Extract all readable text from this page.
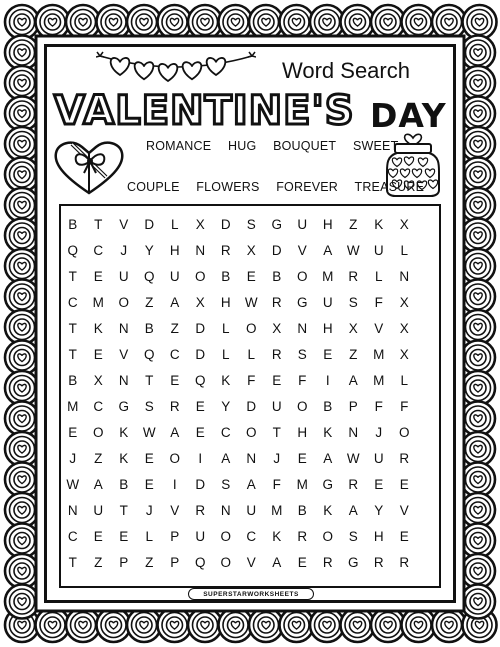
Word Search
VALENTINE'S DAY
ROMANCE HUG BOUQUET SWEET
COUPLE FLOWERS FOREVER TREASURE
B	T	V	D	L	X	D	S	G	U	H	Z	K	X
Q	C	J	Y	H	N	R	X	D	V	A	W	U	L
T	E	U	Q	U	O	B	E	B	O	M	R	L	N
C	M	O	Z	A	X	H	W	R	G	U	S	F	X
T	K	N	B	Z	D	L	O	X	N	H	X	V	X
T	E	V	Q	C	D	L	L	R	S	E	Z	M	X
B	X	N	T	E	Q	K	F	E	F	I	A	M	L
M	C	G	S	R	E	Y	D	U	O	B	P	F	F
E	O	K	W	A	E	C	O	T	H	K	N	J	O
J	Z	K	E	O	I	A	N	J	E	A	W	U	R
W	A	B	E	I	D	S	A	F	M	G	R	E	E
N	U	T	J	V	R	N	U	M	B	K	A	Y	V
C	E	E	L	P	U	O	C	K	R	O	S	H	E
T	Z	P	Z	P	Q	O	V	A	E	R	G	R	R
SUPERSTARWORKSHEETS
